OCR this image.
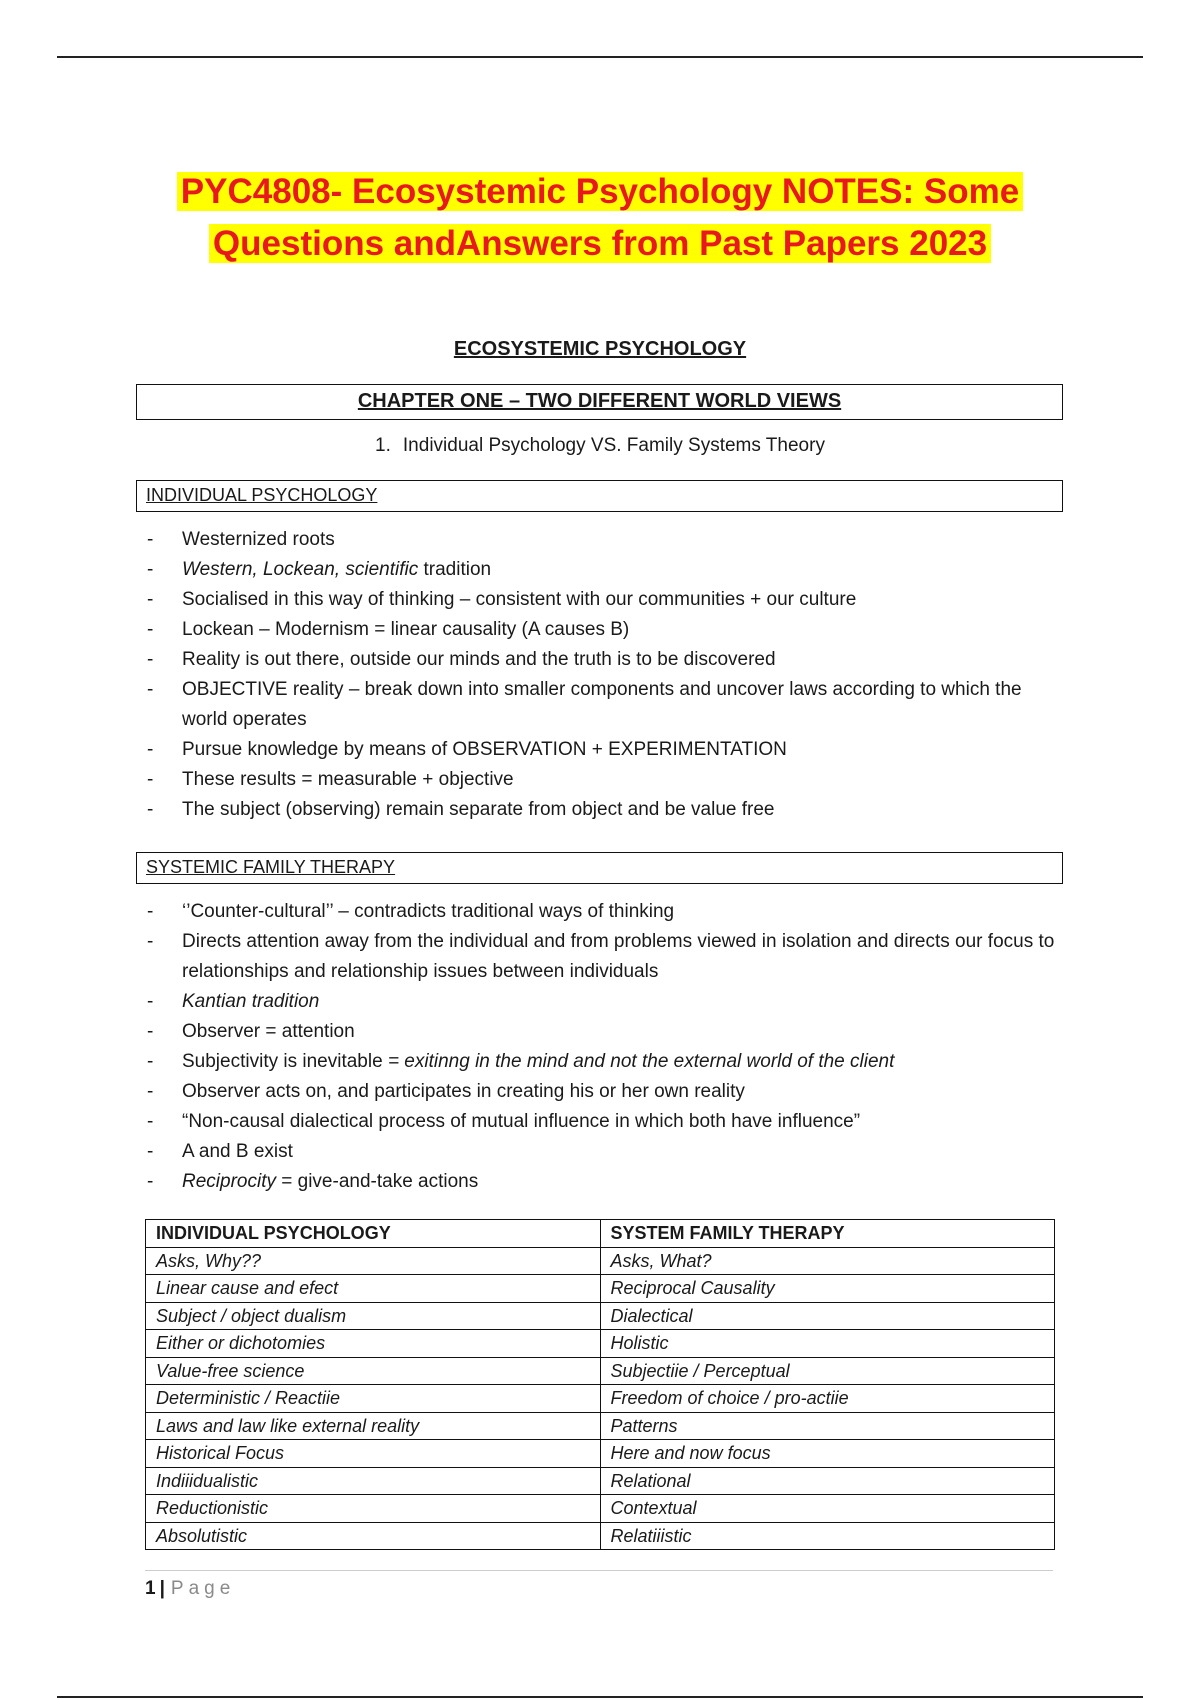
PYC4808- Ecosystemic Psychology NOTES: Some
Questions andAnswers from Past Papers 2023
ECOSYSTEMIC PSYCHOLOGY
CHAPTER ONE – TWO DIFFERENT WORLD VIEWS
1. Individual Psychology VS. Family Systems Theory
INDIVIDUAL PSYCHOLOGY
- Westernized roots
- Western, Lockean, scientiﬁc tradition
- Socialised in this way of thinking – consistent with our communities + our culture
- Lockean – Modernism = linear causality (A causes B)
- Reality is out there, outside our minds and the truth is to be discovered
- OBJECTIVE reality – break down into smaller components and uncover laws according to which the world operates
- Pursue knowledge by means of OBSERVATION + EXPERIMENTATION
- These results = measurable + objective
- The subject (observing) remain separate from object and be value free
SYSTEMIC FAMILY THERAPY
- ‘’Counter-cultural’’ – contradicts traditional ways of thinking
- Directs attention away from the individual and from problems viewed in isolation and directs our focus to relationships and relationship issues between individuals
- Kantian tradition
- Observer = attention
- Subjectivity is inevitable = exitinng in the mind and not the external world of the client
- Observer acts on, and participates in creating his or her own reality
- “Non-causal dialectical process of mutual influence in which both have influence”
- A and B exist
- Reciprocity = give-and-take actions
INDIVIDUAL PSYCHOLOGY	SYSTEM FAMILY THERAPY
Asks, Why??	Asks, What?
Linear cause and efect	Reciprocal Causality
Subject / object dualism	Dialectical
Either or dichotomies	Holistic
Value-free science	Subjectiie / Perceptual
Deterministic / Reactiie	Freedom of choice / pro-actiie
Laws and law like external reality	Patterns
Historical Focus	Here and now focus
Indiiidualistic	Relational
Reductionistic	Contextual
Absolutistic	Relatiiistic
1 | Page
